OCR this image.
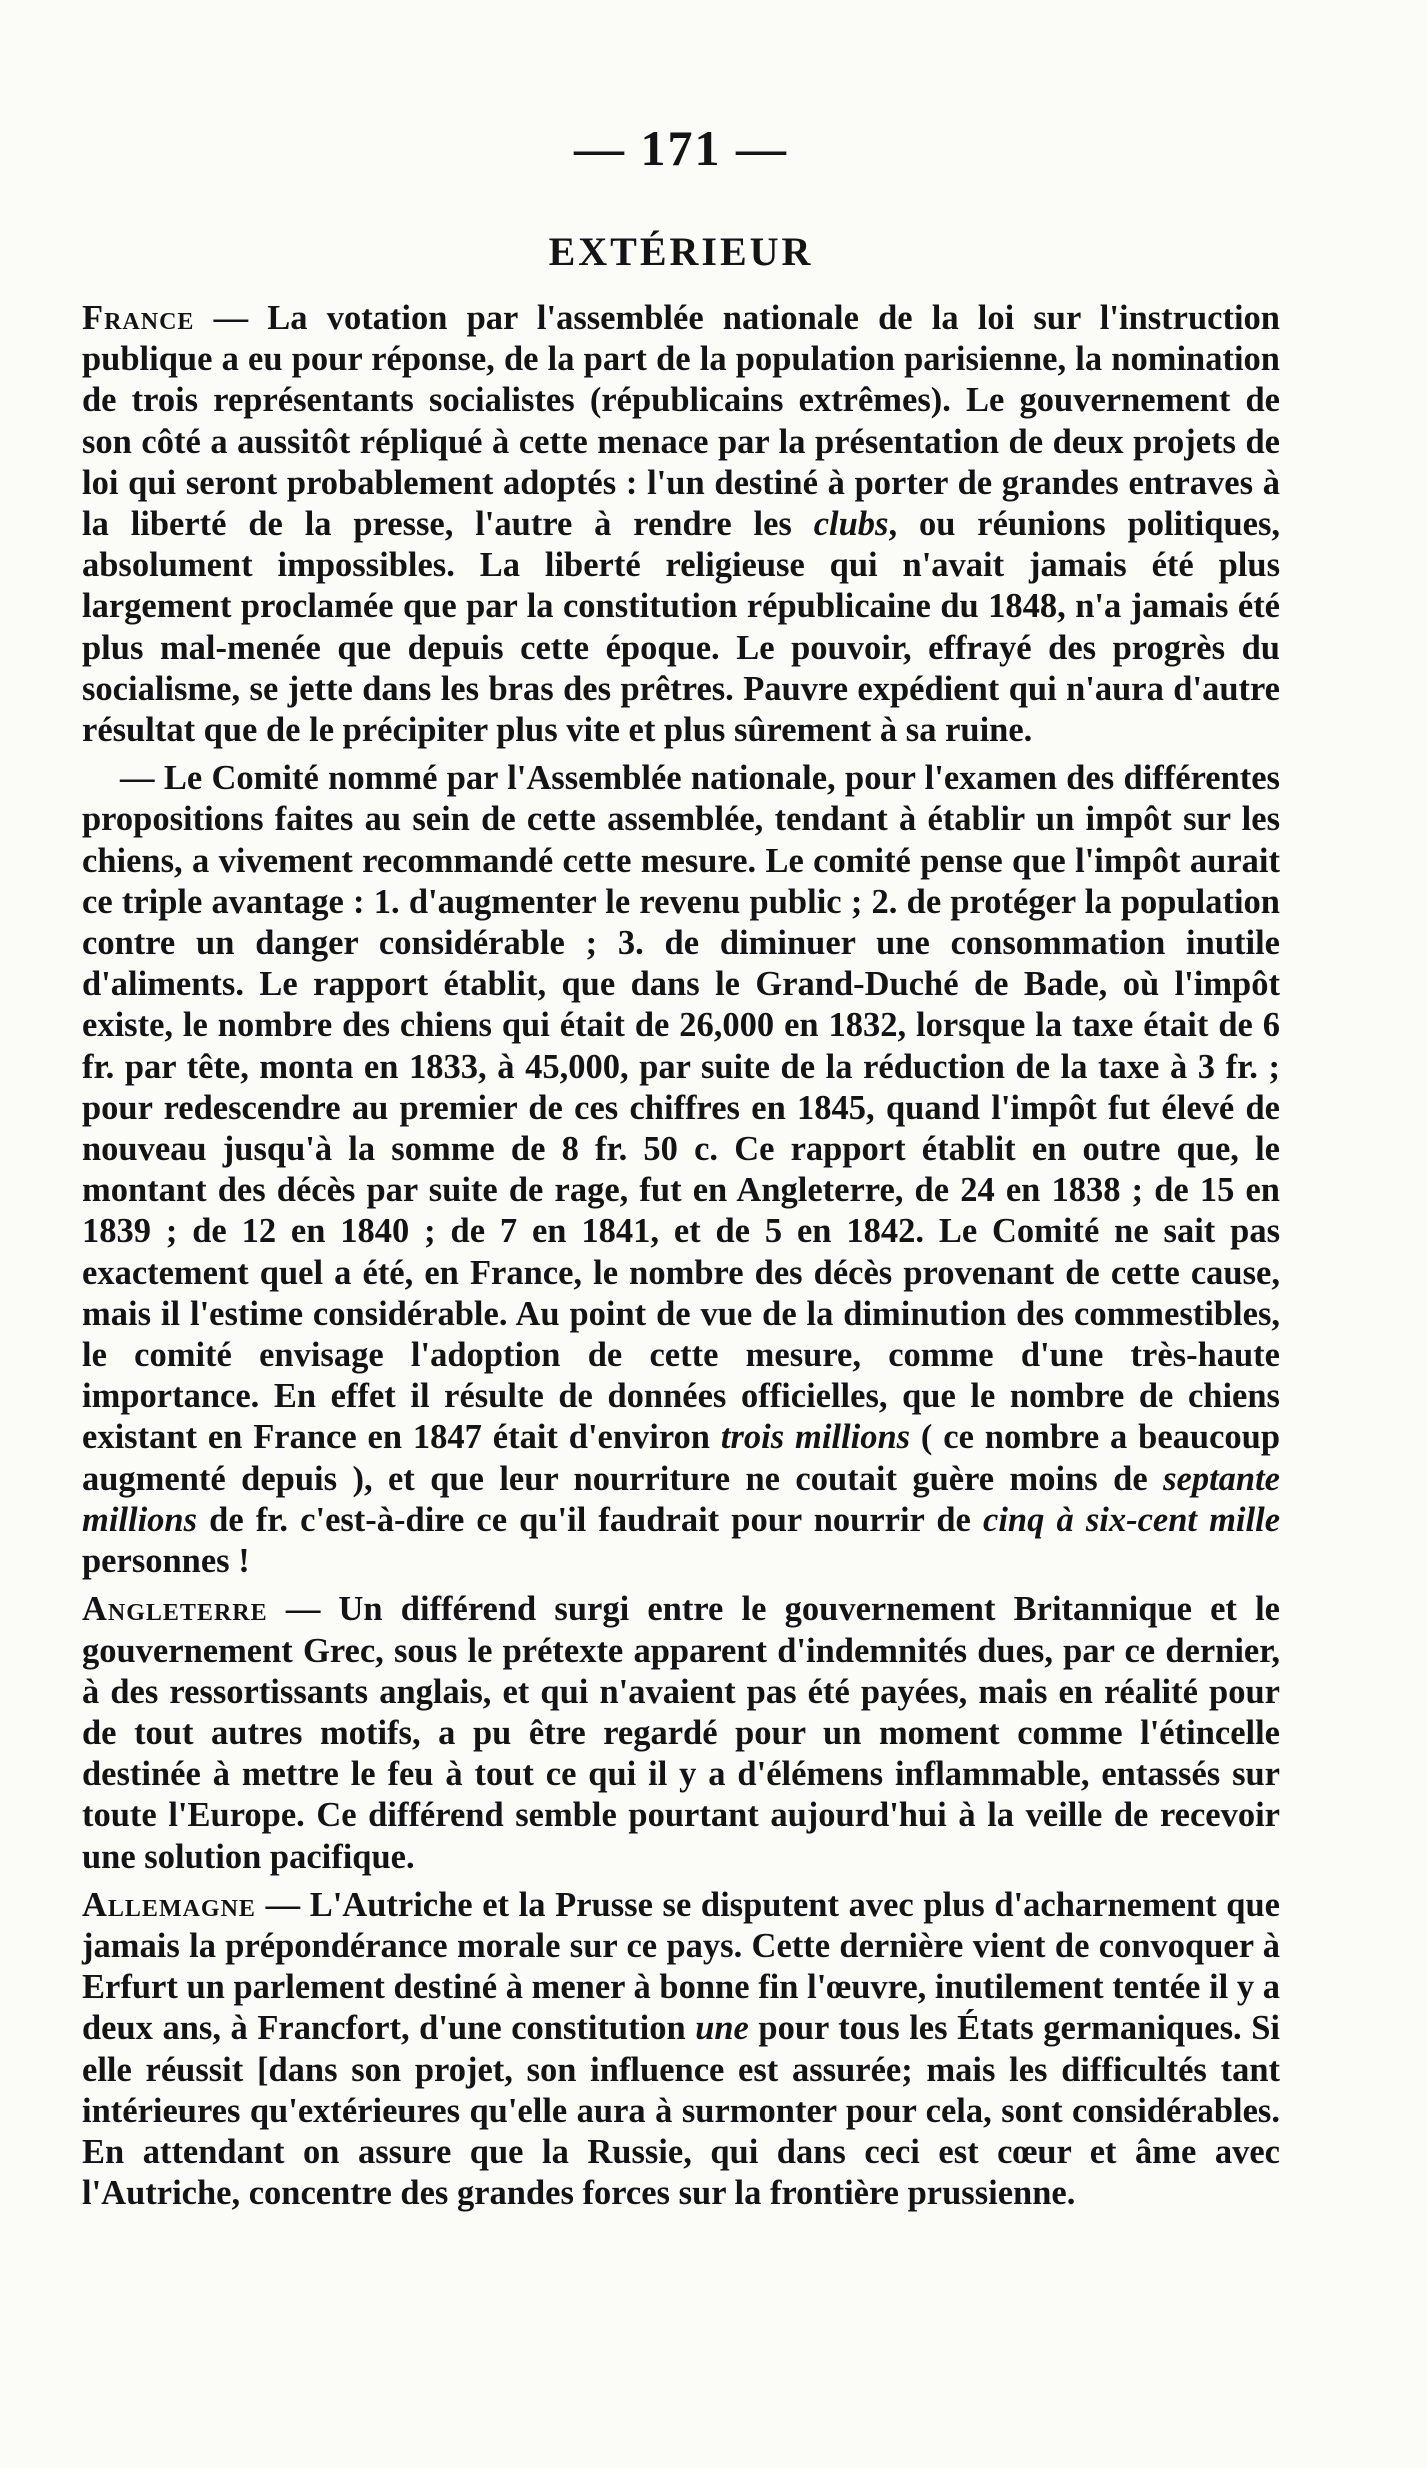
— 171 —
EXTÉRIEUR

France — La votation par l'assemblée nationale de la loi sur l'instruction publique a eu pour réponse, de la part de la population parisienne, la nomination de trois représentants socialistes (républicains extrêmes). Le gouvernement de son côté a aussitôt répliqué à cette menace par la présentation de deux projets de loi qui seront probablement adoptés : l'un destiné à porter de grandes entraves à la liberté de la presse, l'autre à rendre les clubs, ou réunions politiques, absolument impossibles. La liberté religieuse qui n'avait jamais été plus largement proclamée que par la constitution républicaine du 1848, n'a jamais été plus mal-menée que depuis cette époque. Le pouvoir, effrayé des progrès du socialisme, se jette dans les bras des prêtres. Pauvre expédient qui n'aura d'autre résultat que de le précipiter plus vite et plus sûrement à sa ruine.

— Le Comité nommé par l'Assemblée nationale, pour l'examen des différentes propositions faites au sein de cette assemblée, tendant à établir un impôt sur les chiens, a vivement recommandé cette mesure. Le comité pense que l'impôt aurait ce triple avantage : 1. d'augmenter le revenu public ; 2. de protéger la population contre un danger considérable ; 3. de diminuer une consommation inutile d'aliments. Le rapport établit, que dans le Grand-Duché de Bade, où l'impôt existe, le nombre des chiens qui était de 26,000 en 1832, lorsque la taxe était de 6 fr. par tête, monta en 1833, à 45,000, par suite de la réduction de la taxe à 3 fr. ; pour redescendre au premier de ces chiffres en 1845, quand l'impôt fut élevé de nouveau jusqu'à la somme de 8 fr. 50 c. Ce rapport établit en outre que, le montant des décès par suite de rage, fut en Angleterre, de 24 en 1838 ; de 15 en 1839 ; de 12 en 1840 ; de 7 en 1841, et de 5 en 1842. Le Comité ne sait pas exactement quel a été, en France, le nombre des décès provenant de cette cause, mais il l'estime considérable. Au point de vue de la diminution des commestibles, le comité envisage l'adoption de cette mesure, comme d'une très-haute importance. En effet il résulte de données officielles, que le nombre de chiens existant en France en 1847 était d'environ trois millions ( ce nombre a beaucoup augmenté depuis ), et que leur nourriture ne coutait guère moins de septante millions de fr. c'est-à-dire ce qu'il faudrait pour nourrir de cinq à six-cent mille personnes !

Angleterre — Un différend surgi entre le gouvernement Britannique et le gouvernement Grec, sous le prétexte apparent d'indemnités dues, par ce dernier, à des ressortissants anglais, et qui n'avaient pas été payées, mais en réalité pour de tout autres motifs, a pu être regardé pour un moment comme l'étincelle destinée à mettre le feu à tout ce qui il y a d'élémens inflammable, entassés sur toute l'Europe. Ce différend semble pourtant aujourd'hui à la veille de recevoir une solution pacifique.

Allemagne — L'Autriche et la Prusse se disputent avec plus d'acharnement que jamais la prépondérance morale sur ce pays. Cette dernière vient de convoquer à Erfurt un parlement destiné à mener à bonne fin l'œuvre, inutilement tentée il y a deux ans, à Francfort, d'une constitution une pour tous les États germaniques. Si elle réussit [dans son projet, son influence est assurée; mais les difficultés tant intérieures qu'extérieures qu'elle aura à surmonter pour cela, sont considérables. En attendant on assure que la Russie, qui dans ceci est cœur et âme avec l'Autriche, concentre des grandes forces sur la frontière prussienne.
